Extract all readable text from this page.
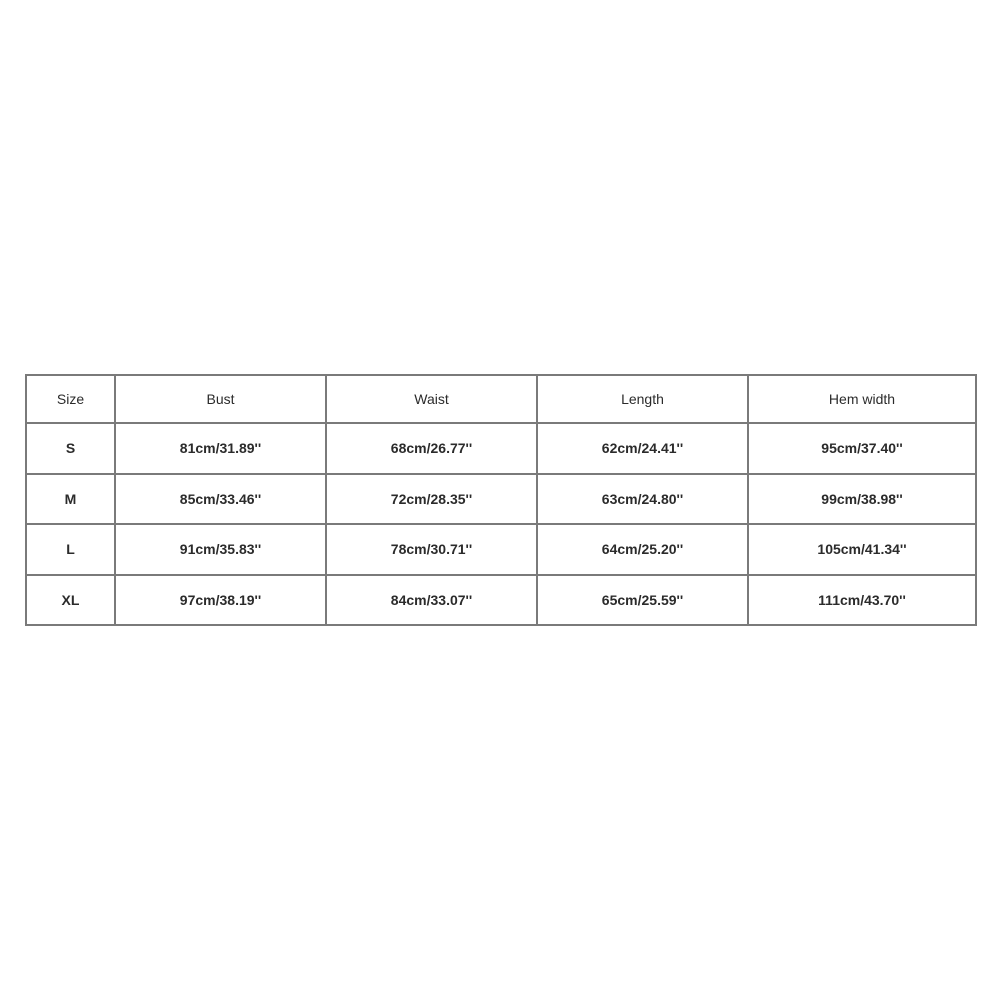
Size	Bust	Waist	Length	Hem width
S	81cm/31.89''	68cm/26.77''	62cm/24.41''	95cm/37.40''
M	85cm/33.46''	72cm/28.35''	63cm/24.80''	99cm/38.98''
L	91cm/35.83''	78cm/30.71''	64cm/25.20''	105cm/41.34''
XL	97cm/38.19''	84cm/33.07''	65cm/25.59''	111cm/43.70''
